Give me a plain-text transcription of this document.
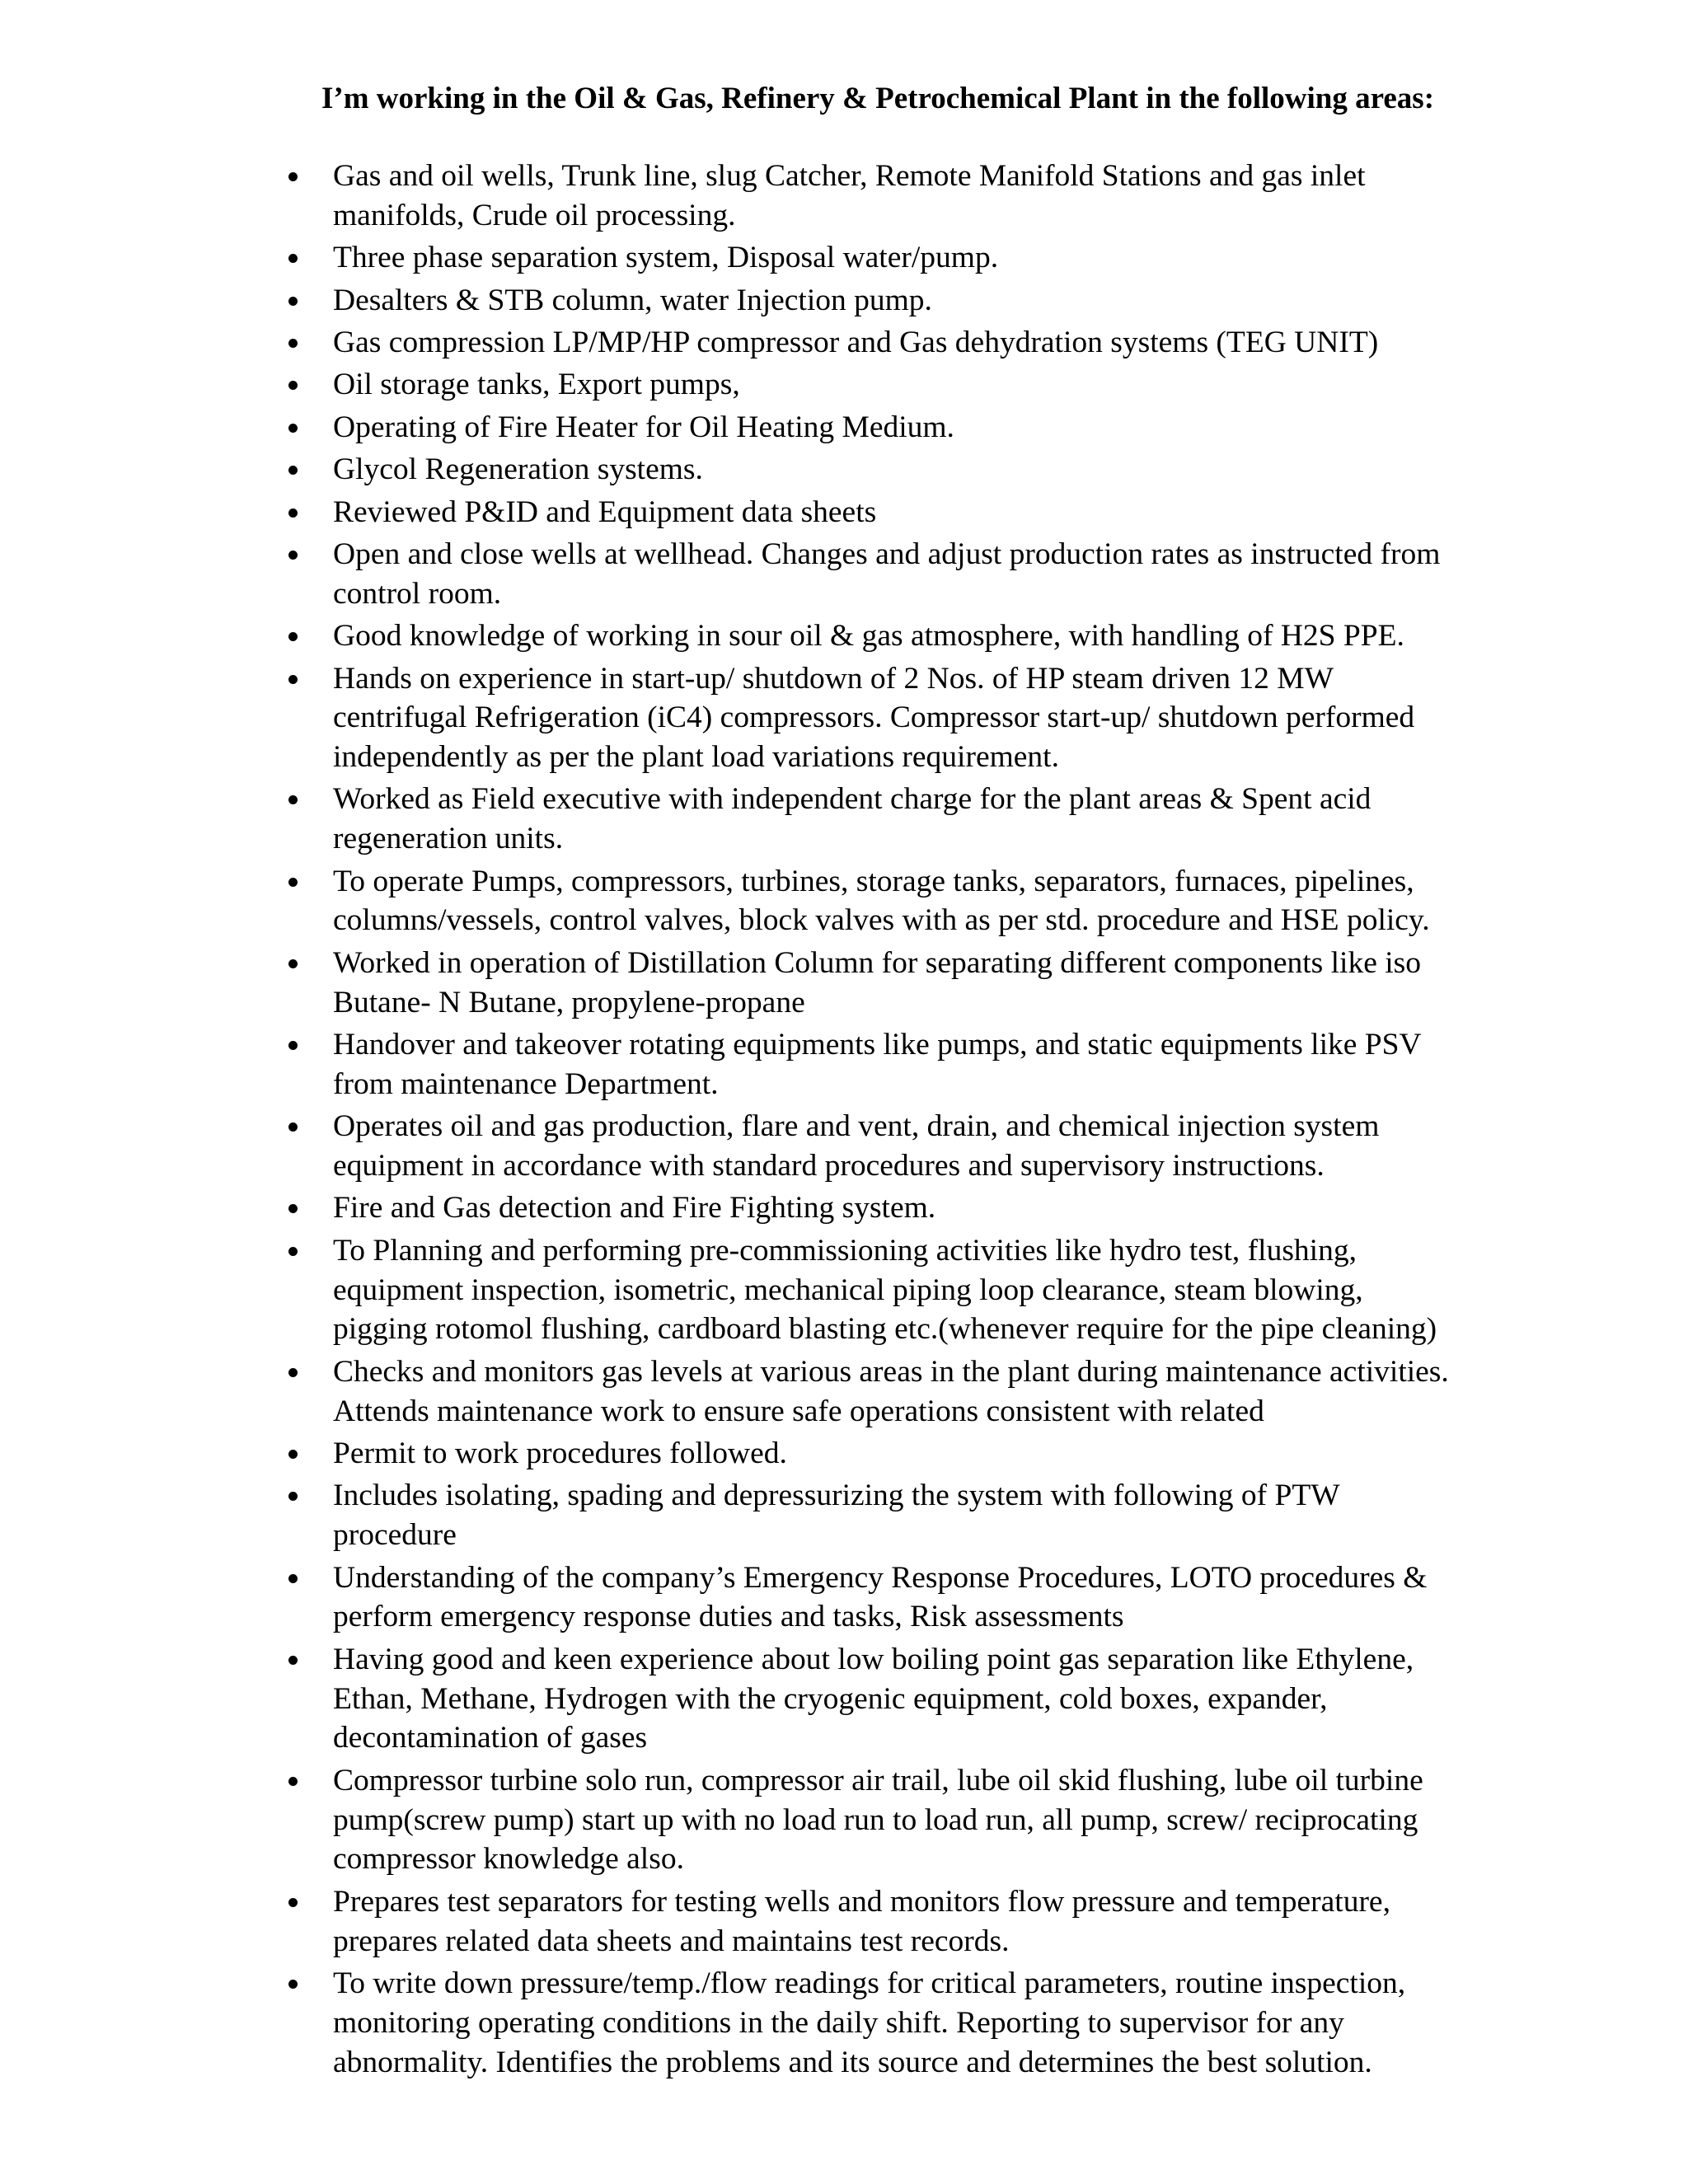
I’m working in the Oil & Gas, Refinery & Petrochemical Plant in the following areas:
Gas and oil wells, Trunk line, slug Catcher, Remote Manifold Stations and gas inlet
manifolds, Crude oil processing.
Three phase separation system, Disposal water/pump.
Desalters & STB column, water Injection pump.
Gas compression LP/MP/HP compressor and Gas dehydration systems (TEG UNIT)
Oil storage tanks, Export pumps,
Operating of Fire Heater for Oil Heating Medium.
Glycol Regeneration systems.
Reviewed P&ID and Equipment data sheets
Open and close wells at wellhead. Changes and adjust production rates as instructed from
control room.
Good knowledge of working in sour oil & gas atmosphere, with handling of H2S PPE.
Hands on experience in start-up/ shutdown of 2 Nos. of HP steam driven 12 MW
centrifugal Refrigeration (iC4) compressors. Compressor start-up/ shutdown performed
independently as per the plant load variations requirement.
Worked as Field executive with independent charge for the plant areas & Spent acid
regeneration units.
To operate Pumps, compressors, turbines, storage tanks, separators, furnaces, pipelines,
columns/vessels, control valves, block valves with as per std. procedure and HSE policy.
Worked in operation of Distillation Column for separating different components like iso
Butane- N Butane, propylene-propane
Handover and takeover rotating equipments like pumps, and static equipments like PSV
from maintenance Department.
Operates oil and gas production, flare and vent, drain, and chemical injection system
equipment in accordance with standard procedures and supervisory instructions.
Fire and Gas detection and Fire Fighting system.
To Planning and performing pre-commissioning activities like hydro test, flushing,
equipment inspection, isometric, mechanical piping loop clearance, steam blowing,
pigging rotomol flushing, cardboard blasting etc.(whenever require for the pipe cleaning)
Checks and monitors gas levels at various areas in the plant during maintenance activities.
Attends maintenance work to ensure safe operations consistent with related
Permit to work procedures followed.
Includes isolating, spading and depressurizing the system with following of PTW
procedure
Understanding of the company’s Emergency Response Procedures, LOTO procedures &
perform emergency response duties and tasks, Risk assessments
Having good and keen experience about low boiling point gas separation like Ethylene,
Ethan, Methane, Hydrogen with the cryogenic equipment, cold boxes, expander,
decontamination of gases
Compressor turbine solo run, compressor air trail, lube oil skid flushing, lube oil turbine
pump(screw pump) start up with no load run to load run, all pump, screw/ reciprocating
compressor knowledge also.
Prepares test separators for testing wells and monitors flow pressure and temperature,
prepares related data sheets and maintains test records.
To write down pressure/temp./flow readings for critical parameters, routine inspection,
monitoring operating conditions in the daily shift. Reporting to supervisor for any
abnormality. Identifies the problems and its source and determines the best solution.
